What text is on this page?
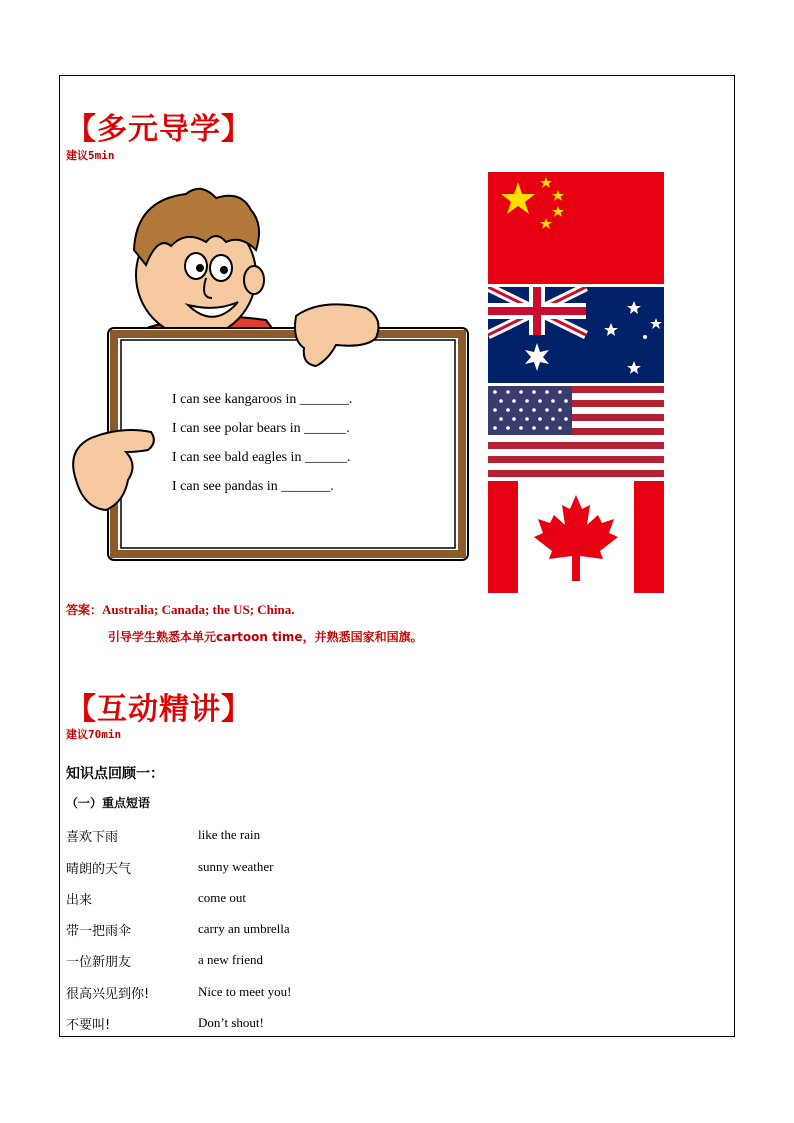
【多元导学】
建议5min
I can see kangaroos in _______.
I can see polar bears in ______.
I can see bald eagles in ______.
I can see pandas in _______.
答案：Australia; Canada; the US; China.
引导学生熟悉本单元cartoon time，并熟悉国家和国旗。
【互动精讲】
建议70min
知识点回顾一：
（一）重点短语
喜欢下雨	like the rain
晴朗的天气	sunny weather
出来	come out
带一把雨伞	carry an umbrella
一位新朋友	a new friend
很高兴见到你!	Nice to meet you!
不要叫!	Don’t shout!
